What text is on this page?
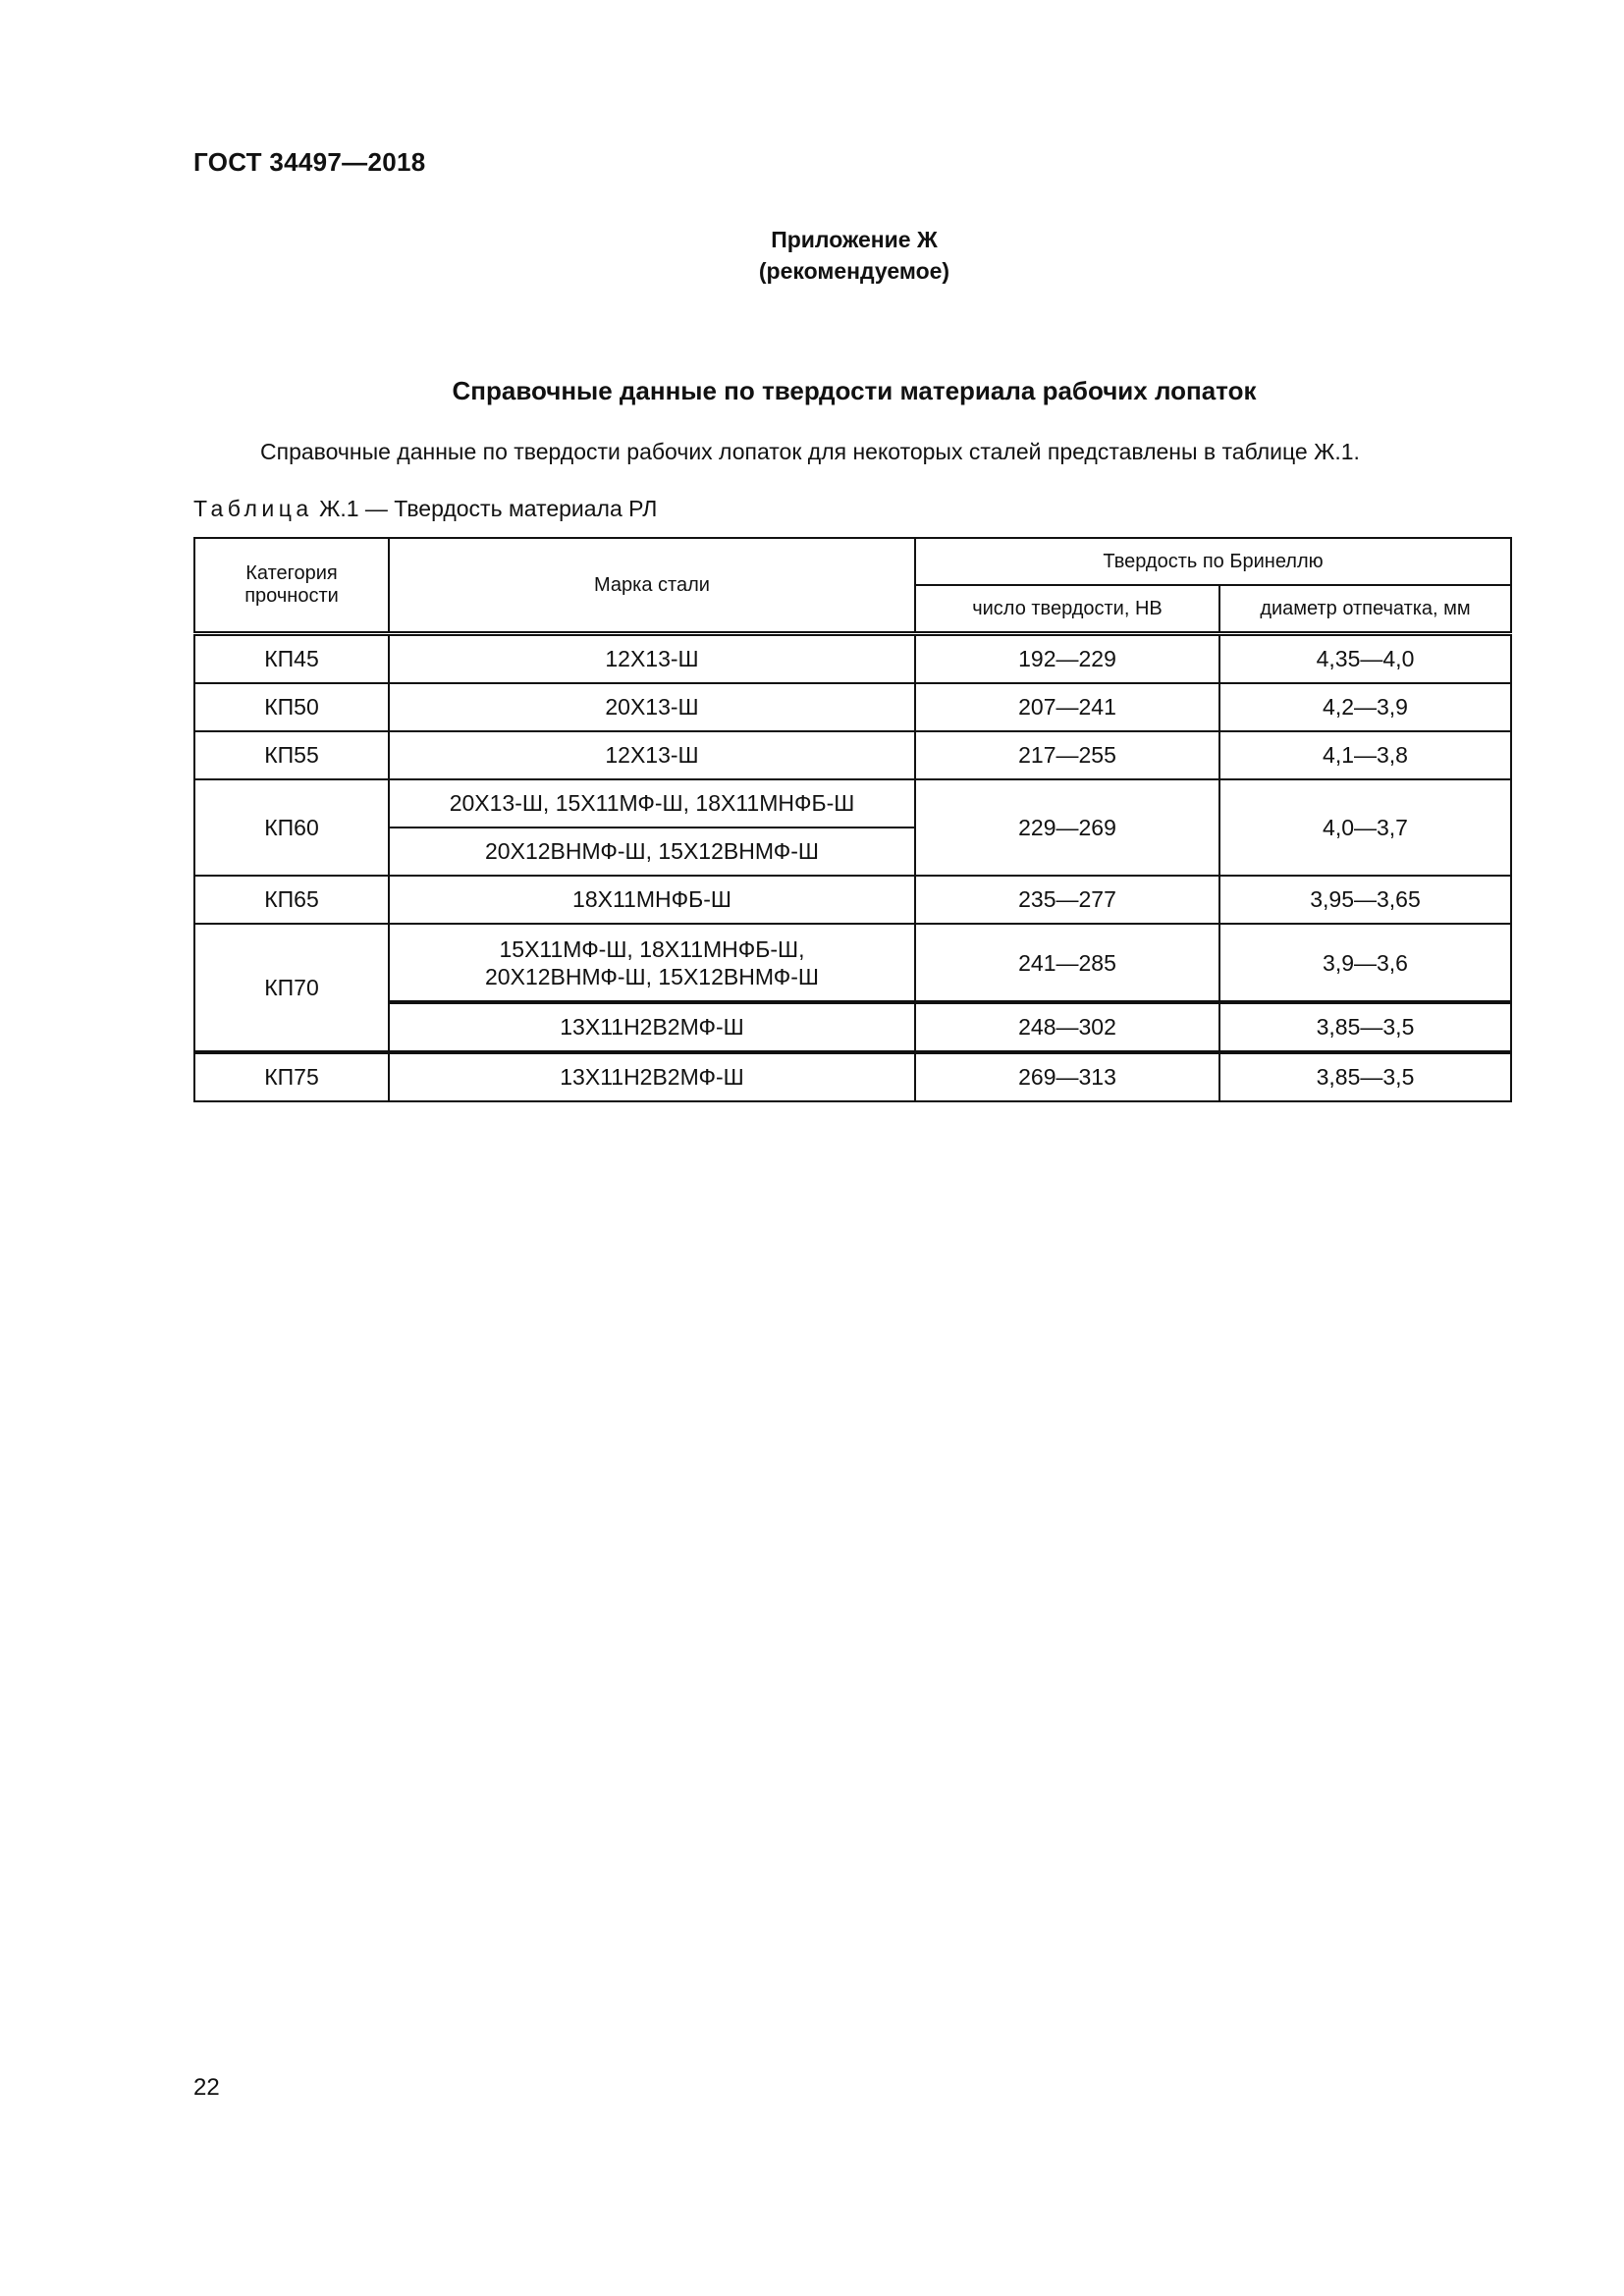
ГОСТ 34497—2018
Приложение Ж
(рекомендуемое)
Справочные данные по твердости материала рабочих лопаток
Справочные данные по твердости рабочих лопаток для некоторых сталей представлены в таблице Ж.1.
Таблица Ж.1 — Твердость материала РЛ
Категория
прочности	Марка стали	Твердость по Бринеллю	
		число твердости, НВ	диаметр отпечатка, мм
КП45	12Х13-Ш	192—229	4,35—4,0
КП50	20Х13-Ш	207—241	4,2—3,9
КП55	12Х13-Ш	217—255	4,1—3,8
КП60	20Х13-Ш, 15Х11МФ-Ш, 18Х11МНФБ-Ш	229—269	4,0—3,7
	20Х12ВНМФ-Ш, 15Х12ВНМФ-Ш		
КП65	18Х11МНФБ-Ш	235—277	3,95—3,65
КП70	15Х11МФ-Ш, 18Х11МНФБ-Ш,
20Х12ВНМФ-Ш, 15Х12ВНМФ-Ш	241—285	3,9—3,6
	13Х11Н2В2МФ-Ш	248—302	3,85—3,5
КП75	13Х11Н2В2МФ-Ш	269—313	3,85—3,5
22
